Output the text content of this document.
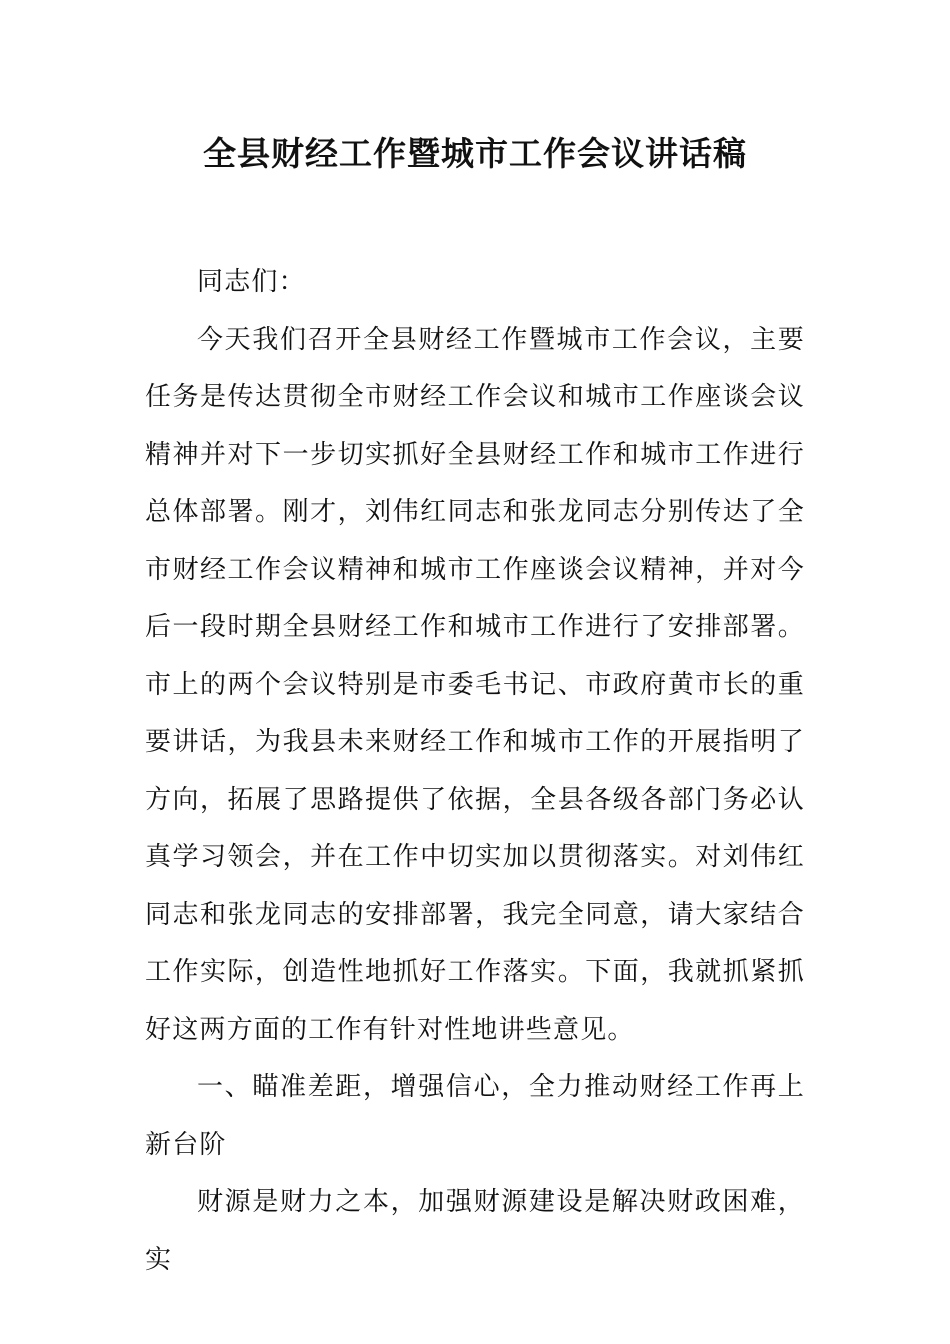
全县财经工作暨城市工作会议讲话稿

同志们：

今天我们召开全县财经工作暨城市工作会议，主要任务是传达贯彻全市财经工作会议和城市工作座谈会议精神并对下一步切实抓好全县财经工作和城市工作进行总体部署。刚才，刘伟红同志和张龙同志分别传达了全市财经工作会议精神和城市工作座谈会议精神，并对今后一段时期全县财经工作和城市工作进行了安排部署。市上的两个会议特别是市委毛书记、市政府黄市长的重要讲话，为我县未来财经工作和城市工作的开展指明了方向，拓展了思路提供了依据，全县各级各部门务必认真学习领会，并在工作中切实加以贯彻落实。对刘伟红同志和张龙同志的安排部署，我完全同意，请大家结合工作实际，创造性地抓好工作落实。下面，我就抓紧抓好这两方面的工作有针对性地讲些意见。

一、瞄准差距，增强信心，全力推动财经工作再上新台阶

财源是财力之本，加强财源建设是解决财政困难，实
